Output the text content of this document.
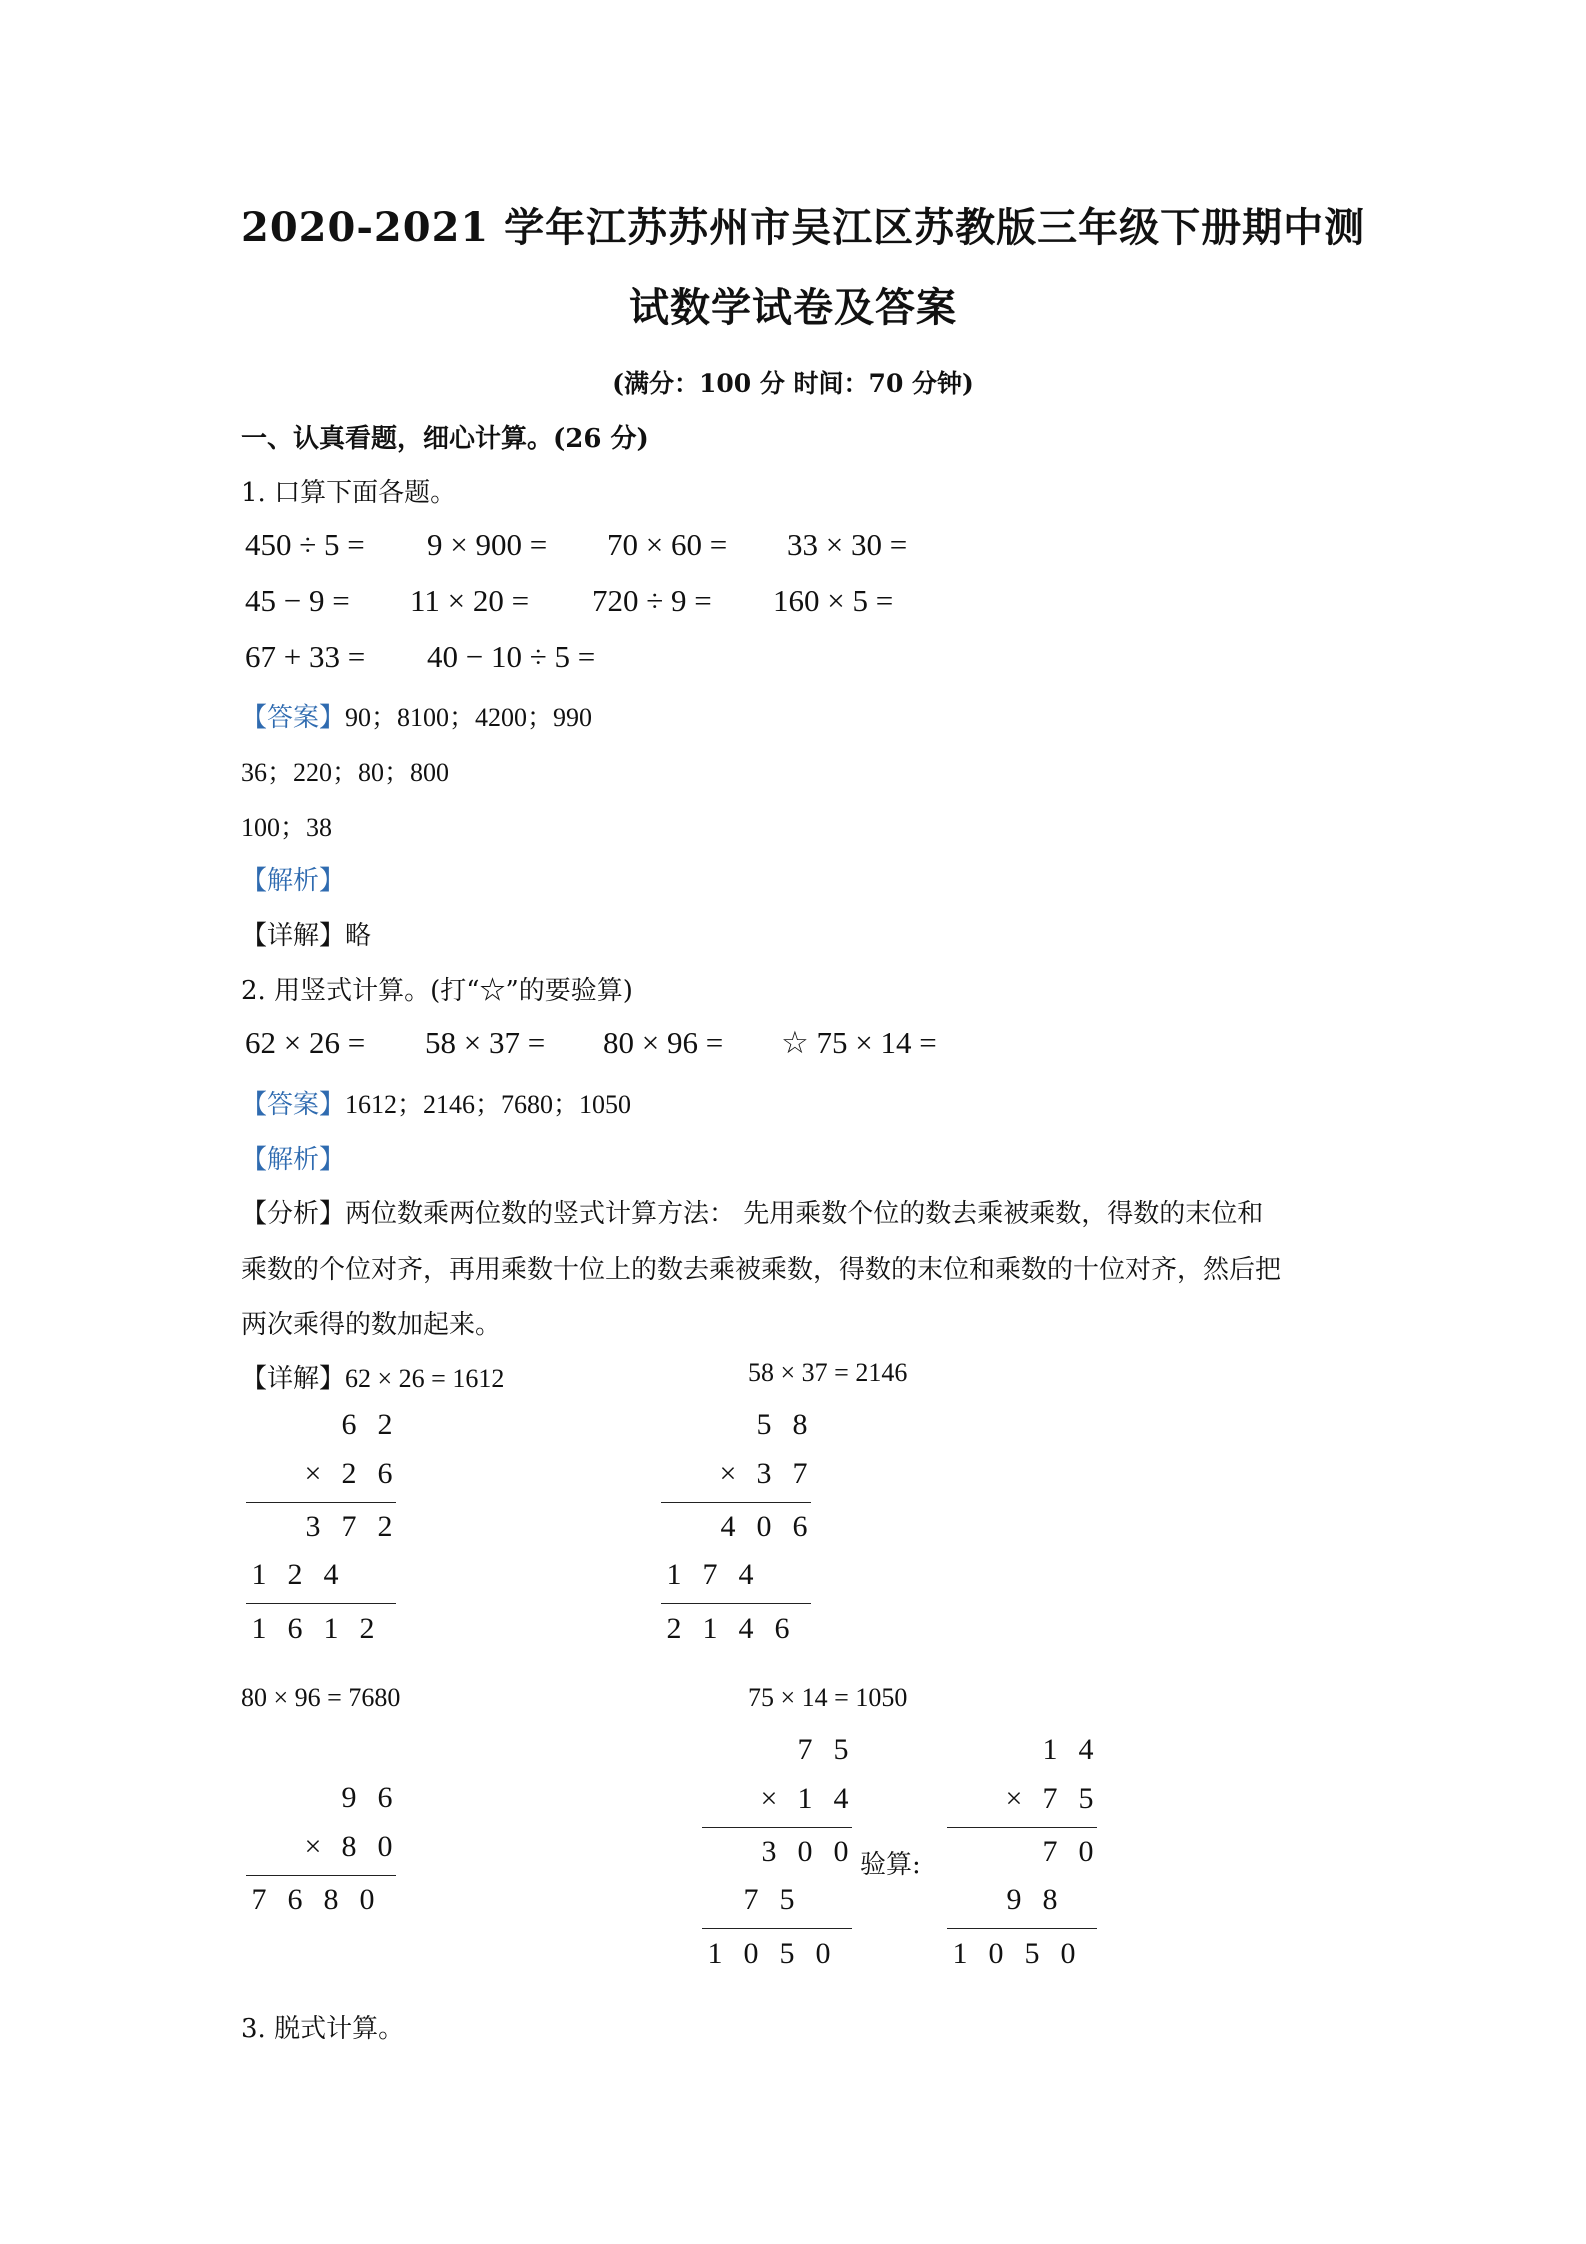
2020-2021 学年江苏苏州市吴江区苏教版三年级下册期中测
试数学试卷及答案
(满分：100 分 时间：70 分钟)
一、认真看题，细心计算。(26 分)
1. 口算下面各题。
450 ÷ 5 = 9 × 900 = 70 × 60 = 33 × 30 =
45 − 9 = 11 × 20 = 720 ÷ 9 = 160 × 5 =
67 + 33 = 40 − 10 ÷ 5 =
【答案】90；8100；4200；990
36；220；80；800
100；38
【解析】
【详解】略
2. 用竖式计算。(打“☆”的要验算)
62 × 26 = 58 × 37 = 80 × 96 = ☆ 75 × 14 =
【答案】1612；2146；7680；1050
【解析】
【分析】两位数乘两位数的竖式计算方法： 先用乘数个位的数去乘被乘数，得数的末位和
乘数的个位对齐，再用乘数十位上的数去乘被乘数，得数的末位和乘数的十位对齐，然后把
两次乘得的数加起来。
【详解】62 × 26 = 1612	58 × 37 = 2146
6 2
× 2 6
3 7 2
1 2 4
1 6 1 2
5 8
× 3 7
4 0 6
1 7 4
2 1 4 6
80 × 96 = 7680	75 × 14 = 1050
9 6
× 8 0
7 6 8 0
7 5
× 1 4
3 0 0
7 5
1 0 5 0
验算:
1 4
× 7 5
7 0
9 8
1 0 5 0
3. 脱式计算。
